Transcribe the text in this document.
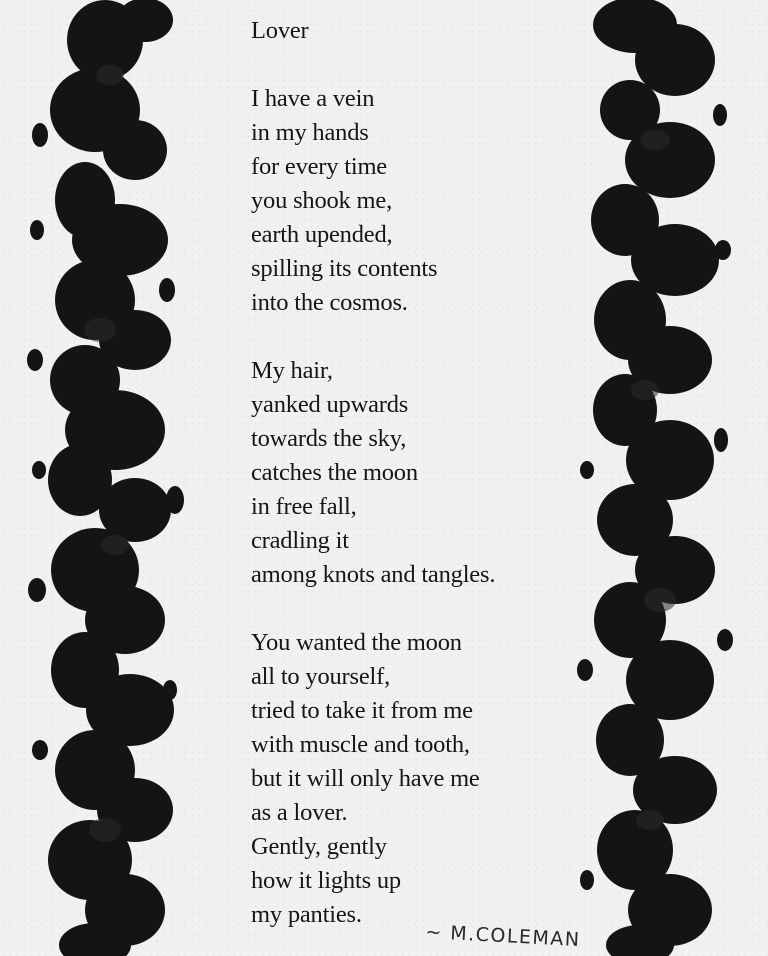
Lover
I have a vein
in my hands
for every time
you shook me,
earth upended,
spilling its contents
into the cosmos.
My hair,
yanked upwards
towards the sky,
catches the moon
in free fall,
cradling it
among knots and tangles.
You wanted the moon
all to yourself,
tried to take it from me
with muscle and tooth,
but it will only have me
as a lover.
Gently, gently
how it lights up
my panties.
~ M.COLEMAN
